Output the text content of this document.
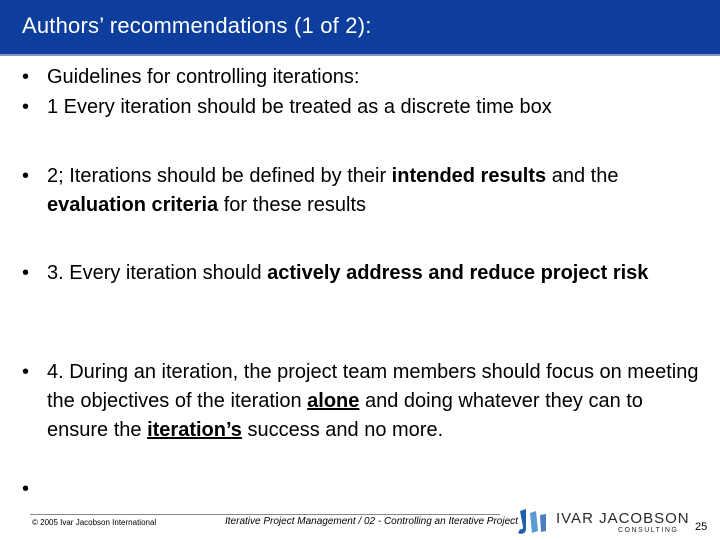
Authors’ recommendations (1 of 2):
• Guidelines for controlling iterations:
• 1 Every iteration should be treated as a discrete time box
• 2; Iterations should be defined by their intended results and the evaluation criteria for these results
• 3. Every iteration should actively address and reduce project risk
• 4. During an iteration, the project team members should focus on meeting the objectives of the iteration alone and doing whatever they can to ensure the iteration’s success and no more.
•
© 2005 Ivar Jacobson International	Iterative Project Management / 02 - Controlling an Iterative Project	IVAR JACOBSON
CONSULTING 25
